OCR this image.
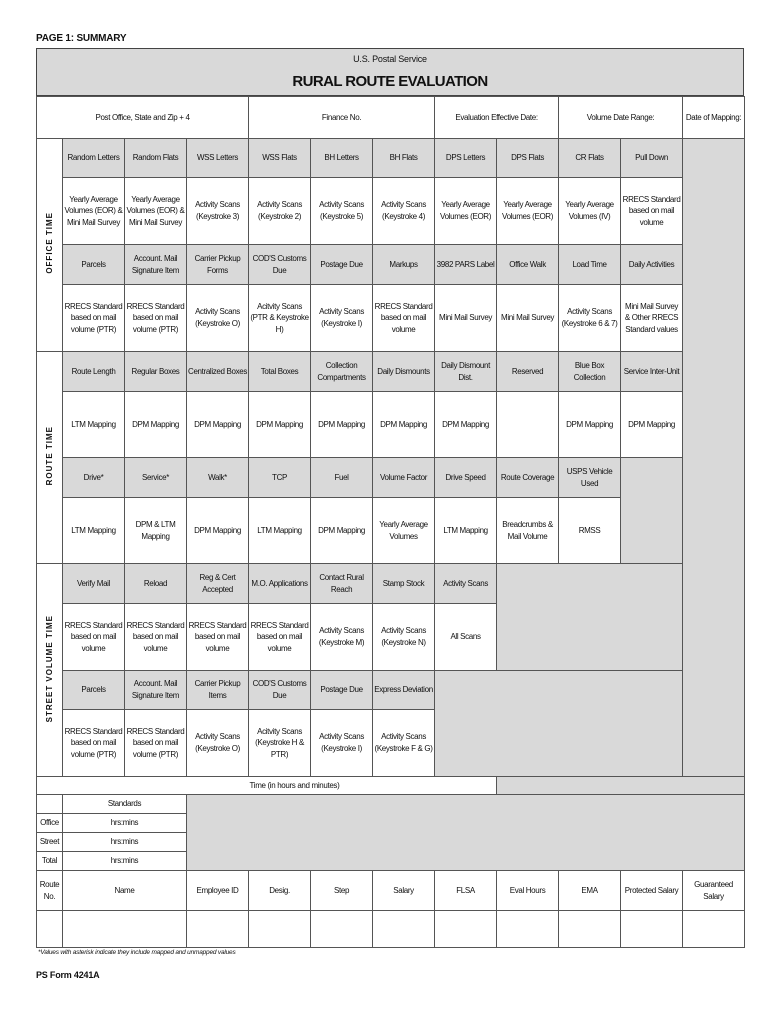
PAGE 1: SUMMARY
U.S. Postal Service
RURAL ROUTE EVALUATION
Post Office, State and Zip + 4				Finance No.			Evaluation Effective Date:		Volume Date Range:		Date of Mapping:
OFFICE TIME	Random Letters	Random Flats	WSS Letters	WSS Flats	BH Letters	BH Flats	DPS Letters	DPS Flats	CR Flats	Pull Down	
	Yearly Average Volumes (EOR) & Mini Mail Survey	Yearly Average Volumes (EOR) & Mini Mail Survey	Activity Scans (Keystroke 3)	Activity Scans (Keystroke 2)	Activity Scans (Keystroke 5)	Activity Scans (Keystroke 4)	Yearly Average Volumes (EOR)	Yearly Average Volumes (EOR)	Yearly Average Volumes (IV)	RRECS Standard based on mail volume	
	Parcels	Account. Mail Signature Item	Carrier Pickup Forms	COD'S Customs Due	Postage Due	Markups	3982 PARS Label	Office Walk	Load Time	Daily Activities	
	RRECS Standard based on mail volume (PTR)	RRECS Standard based on mail volume (PTR)	Activity Scans (Keystroke O)	Acitvity Scans (PTR & Keystroke H)	Activity Scans (Keystroke I)	RRECS Standard based on mail volume	Mini Mail Survey	Mini Mail Survey	Activity Scans (Keystroke 6 & 7)	Mini Mail Survey & Other RRECS Standard values	
ROUTE TIME	Route Length	Regular Boxes	Centralized Boxes	Total Boxes	Collection Compartments	Daily Dismounts	Daily Dismount Dist.	Reserved	Blue Box Collection	Service Inter-Unit	
	LTM Mapping	DPM Mapping	DPM Mapping	DPM Mapping	DPM Mapping	DPM Mapping	DPM Mapping		DPM Mapping	DPM Mapping	
	Drive*	Service*	Walk*	TCP	Fuel	Volume Factor	Drive Speed	Route Coverage	USPS Vehicle Used		
	LTM Mapping	DPM & LTM Mapping	DPM Mapping	LTM Mapping	DPM Mapping	Yearly Average Volumes	LTM Mapping	Breadcrumbs & Mail Volume	RMSS		
STREET VOLUME TIME	Verify Mail	Reload	Reg & Cert Accepted	M.O. Applications	Contact Rural Reach	Stamp Stock	Activity Scans				
	RRECS Standard based on mail volume	RRECS Standard based on mail volume	RRECS Standard based on mail volume	RRECS Standard based on mail volume	Activity Scans (Keystroke M)	Activity Scans (Keystroke N)	All Scans				
	Parcels	Account. Mail Signature Item	Carrier Pickup Items	COD'S Customs Due	Postage Due	Express Deviation					
	RRECS Standard based on mail volume (PTR)	RRECS Standard based on mail volume (PTR)	Activity Scans (Keystroke O)	Acitvity Scans (Keystroke H & PTR)	Activity Scans (Keystroke I)	Activity Scans (Keystroke F & G)					
				Time (in hours and minutes)							
	Standards										
Office	hrs:mins										
Street	hrs:mins										
Total	hrs:mins										
Route No.	Name		Employee ID	Desig.	Step	Salary	FLSA	Eval Hours	EMA	Protected Salary	Guaranteed Salary

*Values with asterisk indicate they include mapped and unmapped values
PS Form 4241A
